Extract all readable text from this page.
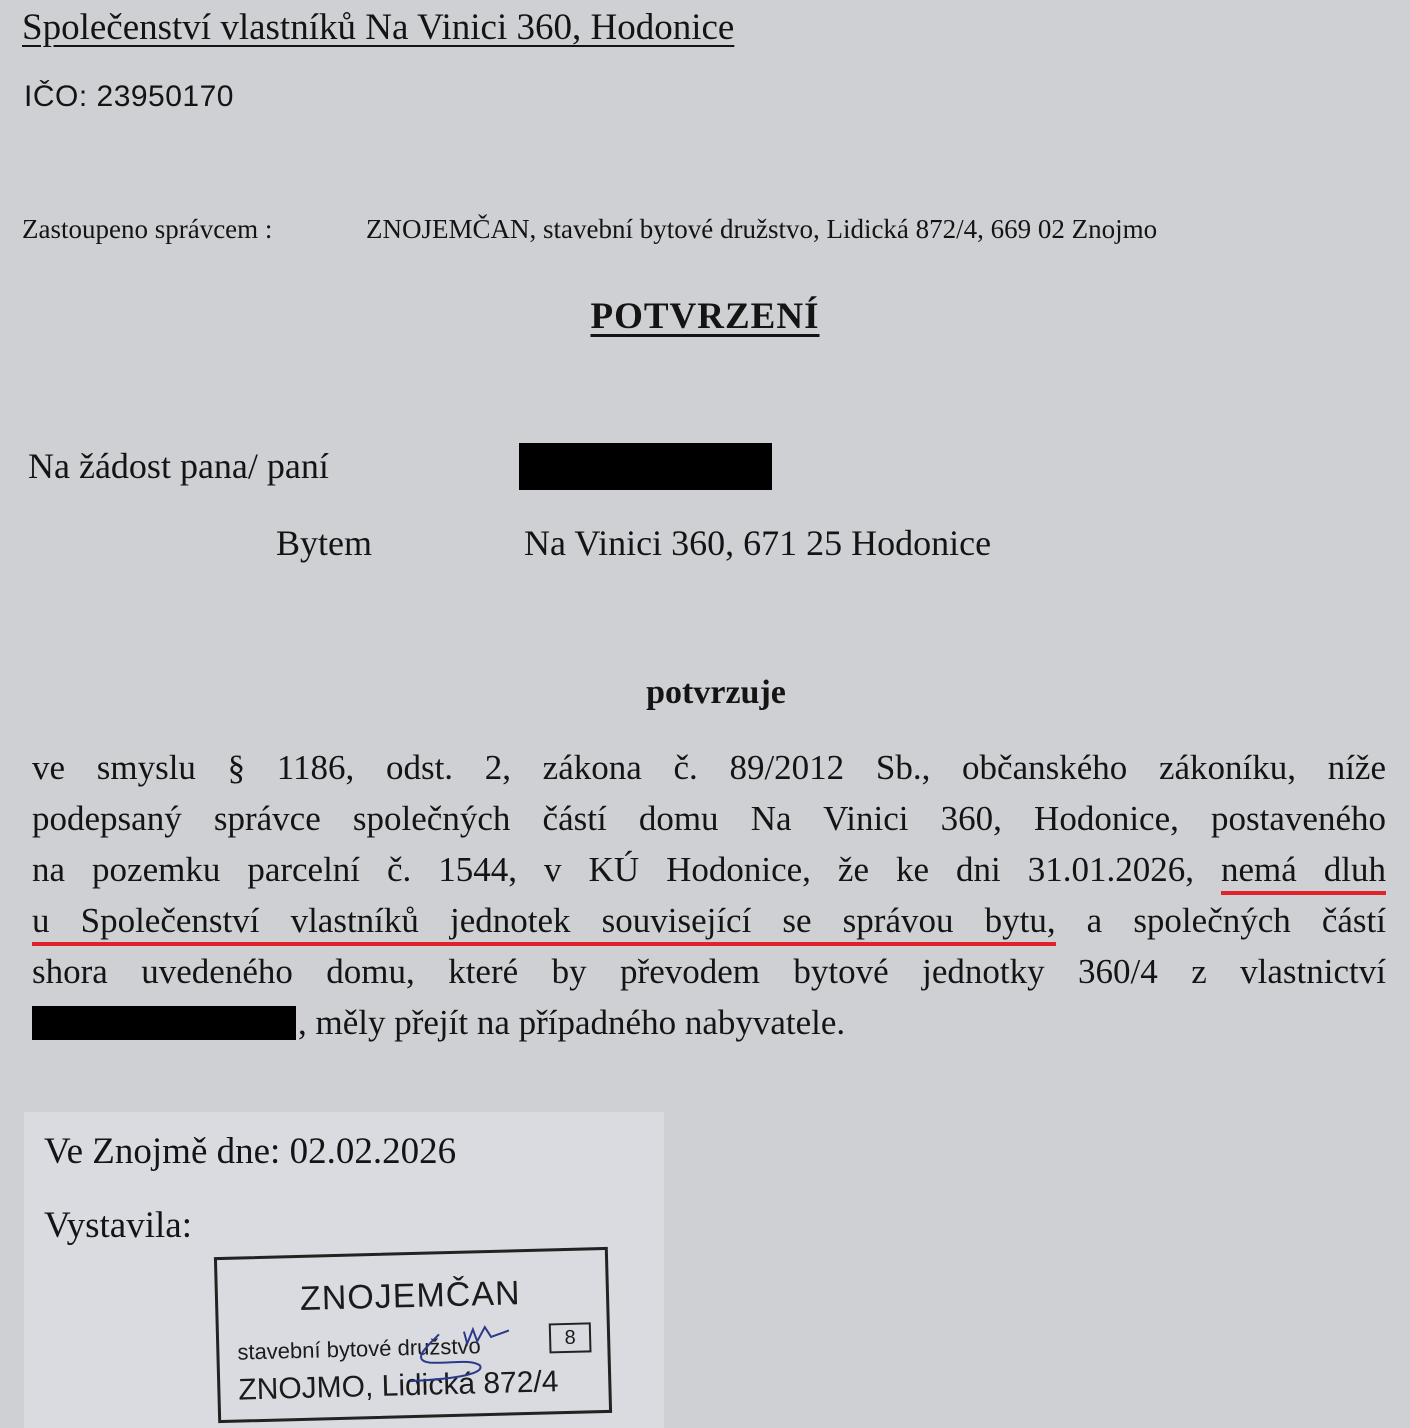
Společenství vlastníků Na Vinici 360, Hodonice
IČO: 23950170
Zastoupeno správcem :	ZNOJEMČAN, stavební bytové družstvo, Lidická 872/4, 669 02 Znojmo
POTVRZENÍ
Na žádost pana/ paní
Bytem	Na Vinici 360, 671 25 Hodonice
potvrzuje
ve smyslu § 1186, odst. 2, zákona č. 89/2012 Sb., občanského zákoníku, níže
podepsaný správce společných částí domu Na Vinici 360, Hodonice, postaveného
na pozemku parcelní č. 1544, v KÚ Hodonice, že ke dni 31.01.2026, nemá dluh
u Společenství vlastníků jednotek související se správou bytu, a společných částí
shora uvedeného domu, které by převodem bytové jednotky 360/4 z vlastnictví
, měly přejít na případného nabyvatele.
Ve Znojmě dne: 02.02.2026
Vystavila:
ZNOJEMČAN
stavební bytové družstvo	8
ZNOJMO, Lidická 872/4
